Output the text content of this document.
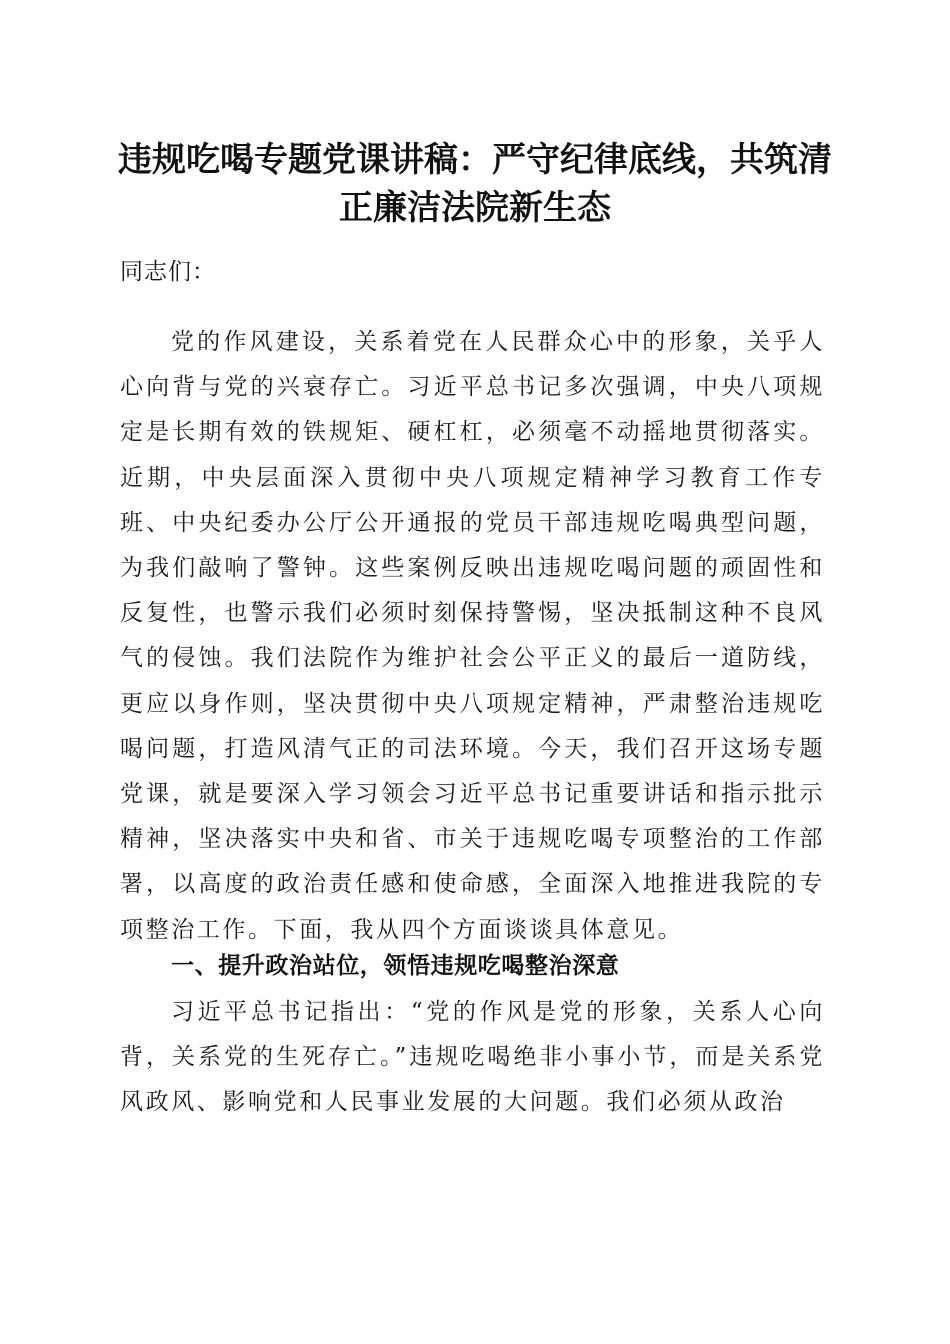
违规吃喝专题党课讲稿：严守纪律底线，共筑清正廉洁法院新生态

同志们：

党的作风建设，关系着党在人民群众心中的形象，关乎人心向背与党的兴衰存亡。习近平总书记多次强调，中央八项规定是长期有效的铁规矩、硬杠杠，必须毫不动摇地贯彻落实。近期，中央层面深入贯彻中央八项规定精神学习教育工作专班、中央纪委办公厅公开通报的党员干部违规吃喝典型问题，为我们敲响了警钟。这些案例反映出违规吃喝问题的顽固性和反复性，也警示我们必须时刻保持警惕，坚决抵制这种不良风气的侵蚀。我们法院作为维护社会公平正义的最后一道防线，更应以身作则，坚决贯彻中央八项规定精神，严肃整治违规吃喝问题，打造风清气正的司法环境。今天，我们召开这场专题党课，就是要深入学习领会习近平总书记重要讲话和指示批示精神，坚决落实中央和省、市关于违规吃喝专项整治的工作部署，以高度的政治责任感和使命感，全面深入地推进我院的专项整治工作。下面，我从四个方面谈谈具体意见。

一、提升政治站位，领悟违规吃喝整治深意

习近平总书记指出：“党的作风是党的形象，关系人心向背，关系党的生死存亡。”违规吃喝绝非小事小节，而是关系党风政风、影响党和人民事业发展的大问题。我们必须从政治
